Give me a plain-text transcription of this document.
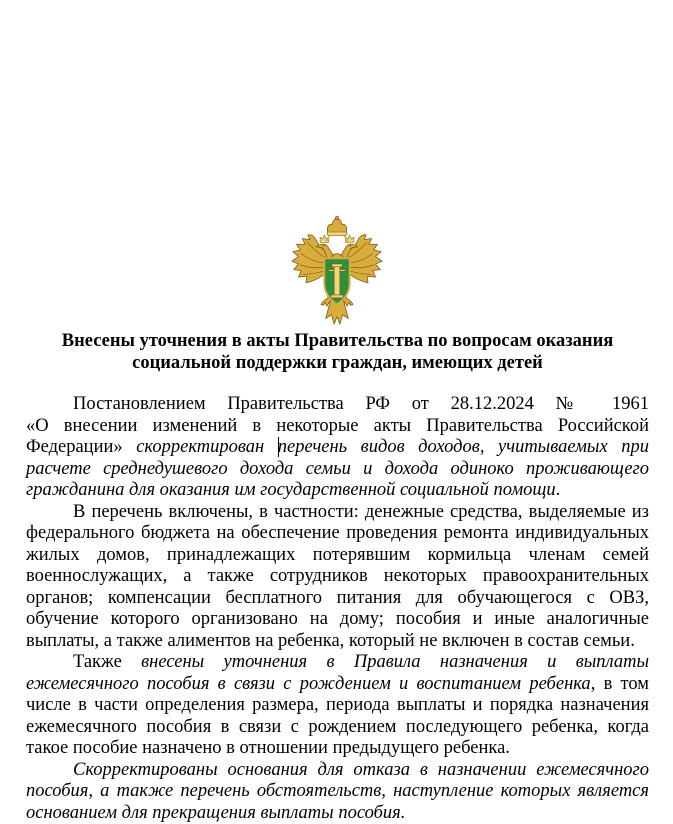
Внесены уточнения в акты Правительства по вопросам оказания социальной поддержки граждан, имеющих детей
Постановлением Правительства РФ от 28.12.2024 № 1961
«О внесении изменений в некоторые акты Правительства Российской Федерации» скорректирован перечень видов доходов, учитываемых при расчете среднедушевого дохода семьи и дохода одиноко проживающего гражданина для оказания им государственной социальной помощи.

В перечень включены, в частности: денежные средства, выделяемые из федерального бюджета на обеспечение проведения ремонта индивидуальных жилых домов, принадлежащих потерявшим кормильца членам семей военнослужащих, а также сотрудников некоторых правоохранительных органов; компенсации бесплатного питания для обучающегося с ОВЗ, обучение которого организовано на дому; пособия и иные аналогичные выплаты, а также алиментов на ребенка, который не включен в состав семьи.

Также внесены уточнения в Правила назначения и выплаты ежемесячного пособия в связи с рождением и воспитанием ребенка, в том числе в части определения размера, периода выплаты и порядка назначения ежемесячного пособия в связи с рождением последующего ребенка, когда такое пособие назначено в отношении предыдущего ребенка.

Скорректированы основания для отказа в назначении ежемесячного пособия, а также перечень обстоятельств, наступление которых является основанием для прекращения выплаты пособия.
